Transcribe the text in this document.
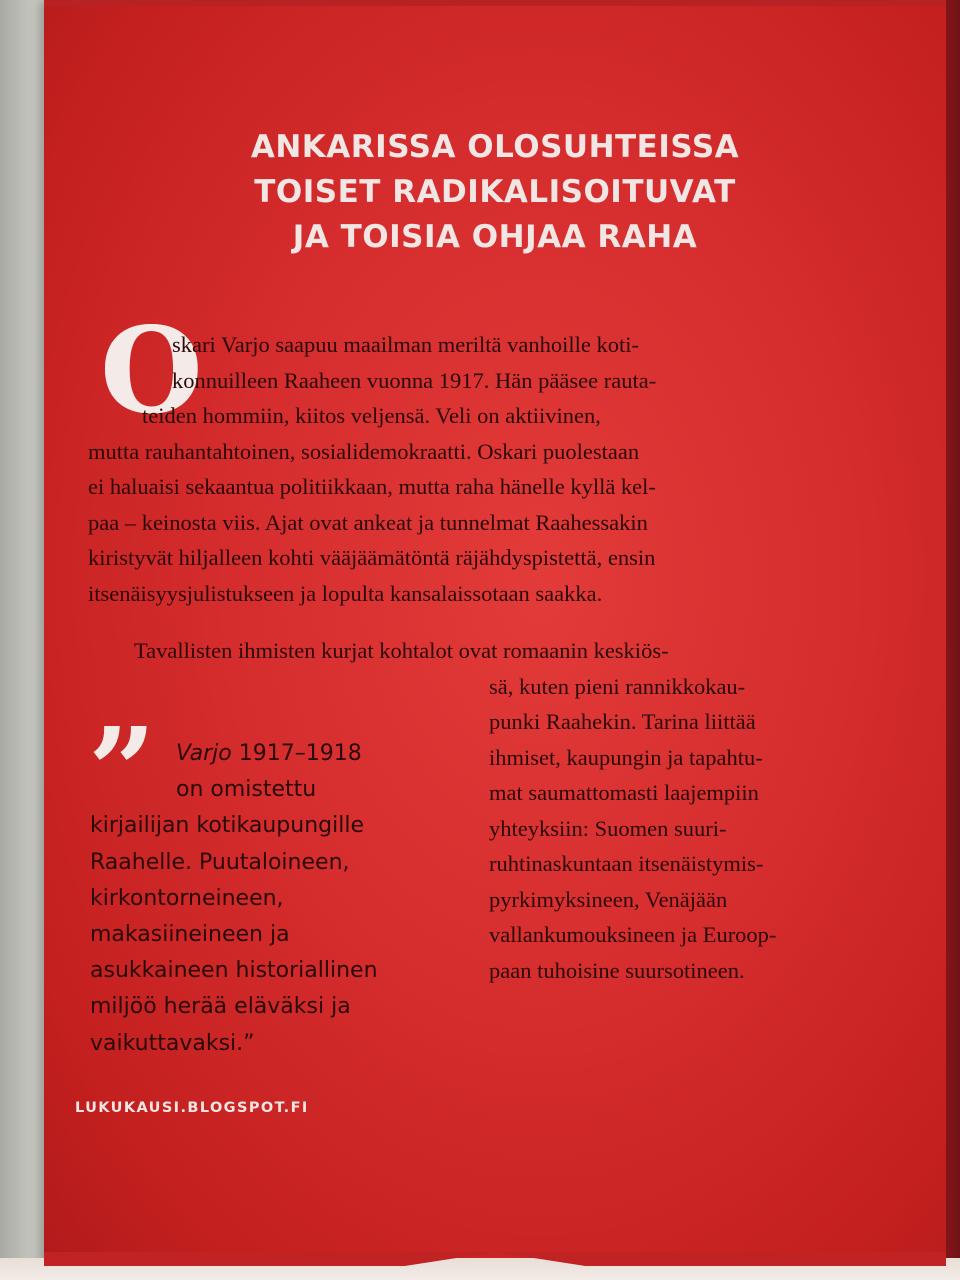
ANKARISSA OLOSUHTEISSA
TOISET RADIKALISOITUVAT
JA TOISIA OHJAA RAHA
O
skari Varjo saapuu maailman meriltä vanhoille koti-
konnuilleen Raaheen vuonna 1917. Hän pääsee rauta-
teiden hommiin, kiitos veljensä. Veli on aktiivinen,
mutta rauhantahtoinen, sosialidemokraatti. Oskari puolestaan
ei haluaisi sekaantua politiikkaan, mutta raha hänelle kyllä kel-
paa – keinosta viis. Ajat ovat ankeat ja tunnelmat Raahessakin
kiristyvät hiljalleen kohti vääjäämätöntä räjähdyspistettä, ensin
itsenäisyysjulistukseen ja lopulta kansalaissotaan saakka.
Tavallisten ihmisten kurjat kohtalot ovat romaanin keskiös-
sä, kuten pieni rannikkokau-
punki Raahekin. Tarina liittää
ihmiset, kaupungin ja tapahtu-
mat saumattomasti laajempiin
yhteyksiin: Suomen suuri-
ruhtinaskuntaan itsenäistymis-
pyrkimyksineen, Venäjään
vallankumouksineen ja Euroop-
paan tuhoisine suursotineen.
” Varjo 1917–1918
on omistettu
kirjailijan kotikaupungille
Raahelle. Puutaloineen,
kirkontorneineen,
makasiineineen ja
asukkaineen historiallinen
miljöö herää eläväksi ja
vaikuttavaksi.”
LUKUKAUSI.BLOGSPOT.FI
